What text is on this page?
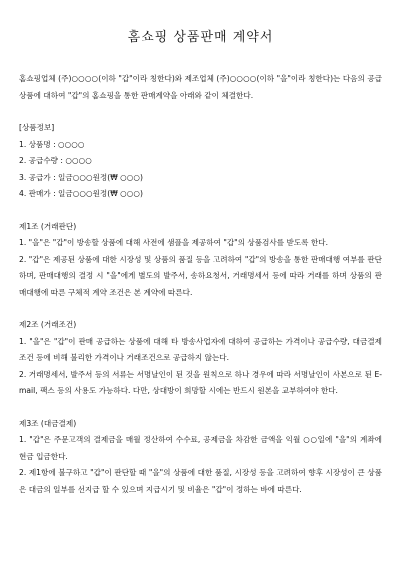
홈쇼핑 상품판매 계약서

홈쇼핑업체 (주)○○○○(이하 "갑"이라 칭한다)와 제조업체 (주)○○○○(이하 "을"이라 칭한다)는 다음의 공급상품에 대하여 "갑"의 홈쇼핑을 통한 판매계약을 아래와 같이 체결한다.

[상품정보]

1. 상품명 : ○○○○

2. 공급수량 : ○○○○

3. 공급가 : 일금○○○원정(₩ ○○○)

4. 판매가 : 일금○○○원정(₩ ○○○)

제1조 (거래판단)

1. "을"은 "갑"이 방송할 상품에 대해 사전에 샘플을 제공하여 "갑"의 상품검사를 받도록 한다.

2. "갑"은 제공된 상품에 대한 시장성 및 상품의 품질 등을 고려하여 "갑"의 방송을 통한 판매대행 여부를 판단하며, 판매대행의 결정 시 "을"에게 별도의 발주서, 송하요청서, 거래명세서 등에 따라 거래를 하며 상품의 판매대행에 따른 구체적 계약 조건은 본 계약에 따른다.

제2조 (거래조건)

1. "을"은 "갑"이 판매 공급하는 상품에 대해 타 방송사업자에 대하여 공급하는 가격이나 공급수량, 대금결제조건 등에 비해 불리한 가격이나 거래조건으로 공급하지 않는다.

2. 거래명세서, 발주서 등의 서류는 서명날인이 된 것을 원칙으로 하나 경우에 따라 서명날인이 사본으로 된 E-mail, 팩스 등의 사용도 가능하다. 다만, 상대방이 희망할 시에는 반드시 원본을 교부하여야 한다.

제3조 (대금결제)

1. "갑"은 주문고객의 결제금을 매월 정산하여 수수료, 공제금을 차감한 금액을 익월 ○○일에 "을"의 계좌에 현금 입금한다.

2. 제1항에 불구하고 "갑"이 판단할 때 "을"의 상품에 대한 품질, 시장성 등을 고려하여 향후 시장성이 큰 상품은 대금의 일부를 선지급 할 수 있으며 지급시기 및 비율은 "갑"이 정하는 바에 따른다.
